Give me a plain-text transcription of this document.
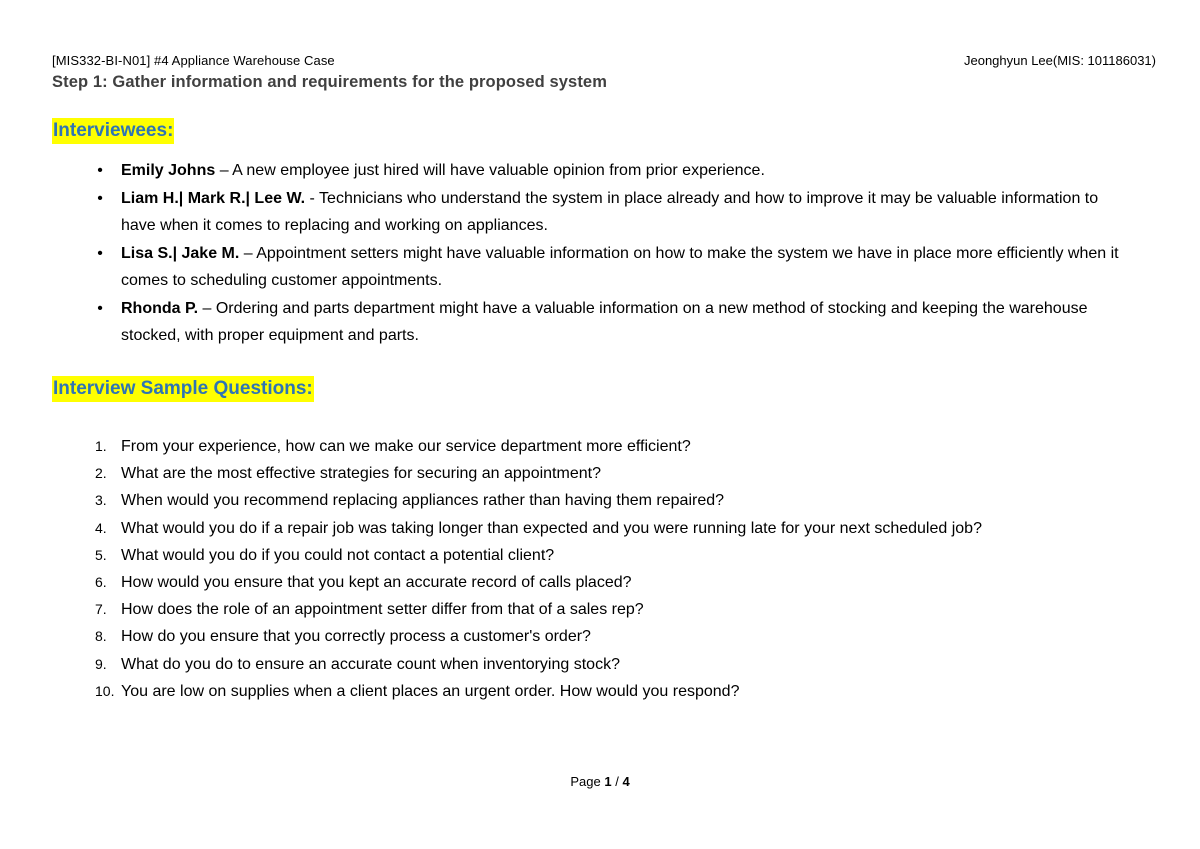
[MIS332-BI-N01] #4 Appliance Warehouse Case	Jeonghyun Lee(MIS: 101186031)
Step 1: Gather information and requirements for the proposed system
Interviewees:
• Emily Johns – A new employee just hired will have valuable opinion from prior experience.
• Liam H.| Mark R.| Lee W. - Technicians who understand the system in place already and how to improve it may be valuable information to have when it comes to replacing and working on appliances.
• Lisa S.| Jake M. – Appointment setters might have valuable information on how to make the system we have in place more efficiently when it comes to scheduling customer appointments.
• Rhonda P. – Ordering and parts department might have a valuable information on a new method of stocking and keeping the warehouse stocked, with proper equipment and parts.
Interview Sample Questions:
1. From your experience, how can we make our service department more efficient?
2. What are the most effective strategies for securing an appointment?
3. When would you recommend replacing appliances rather than having them repaired?
4. What would you do if a repair job was taking longer than expected and you were running late for your next scheduled job?
5. What would you do if you could not contact a potential client?
6. How would you ensure that you kept an accurate record of calls placed?
7. How does the role of an appointment setter differ from that of a sales rep?
8. How do you ensure that you correctly process a customer's order?
9. What do you do to ensure an accurate count when inventorying stock?
10. You are low on supplies when a client places an urgent order. How would you respond?
Page 1 / 4
